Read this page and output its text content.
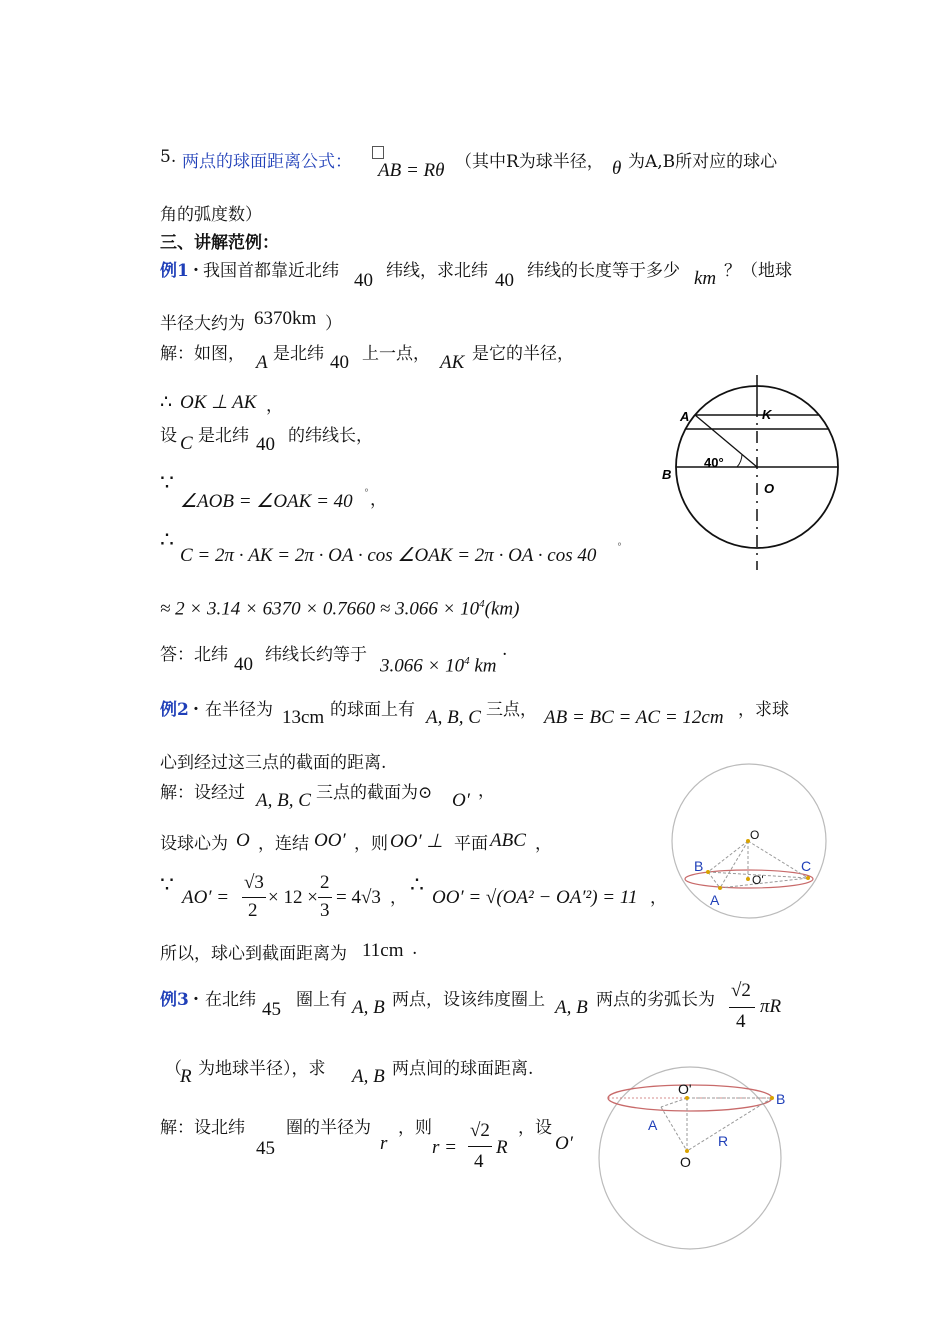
5. 两点的球面距离公式： AB = Rθ （其中R为球半径， θ 为A,B所对应的球心
角的弧度数）
三、讲解范例：
例1 . 我国首都靠近北纬 40 纬线，求北纬 40 纬线的长度等于多少 km ？（地球
半径大约为 6370km ）
解：如图， A 是北纬 40 上一点， AK 是它的半径，
∴ OK ⊥ AK ，
设 C 是北纬 40 的纬线长，
∵
∠AOB = ∠OAK = 40 ° ，
∴
C = 2π · AK = 2π · OA · cos ∠OAK = 2π · OA · cos 40 °
≈ $2 \times 3.14 \times 6370 \times 0.7660 \approx 3.066 \times 10^4(km)$
答：北纬 40 纬线长约等于
$3.066 \times 10^4$ km
.
A	K
B
O
40°
例2 . 在半径为 13cm 的球面上有 A, B, C 三点， AB = BC = AC = 12cm ，求球
心到经过这三点的截面的距离.
解：设经过 A, B, C 三点的截面为⊙ O′ ，
设球心为 O ，连结 OO′ ，则 OO′ ⊥ 平面 ABC ，
∵
AO′ =
√3
2
× 12 ×
2
3
= 4√3 ，
∴
OO′ = √(OA² − OA′²) = 11 ，
所以，球心到截面距离为 11cm .
O
B	C
O'
A
例3 . 在北纬 45 圈上有 A, B 两点，设该纬度圈上 A, B 两点的劣弧长为 √2
4
πR
（
R 为地球半径），求 A, B 两点间的球面距离.
解：设北纬
45
圈的半径为
r
，则
r =
√2
4
R
，设
O′
O'
B
A
R
O
